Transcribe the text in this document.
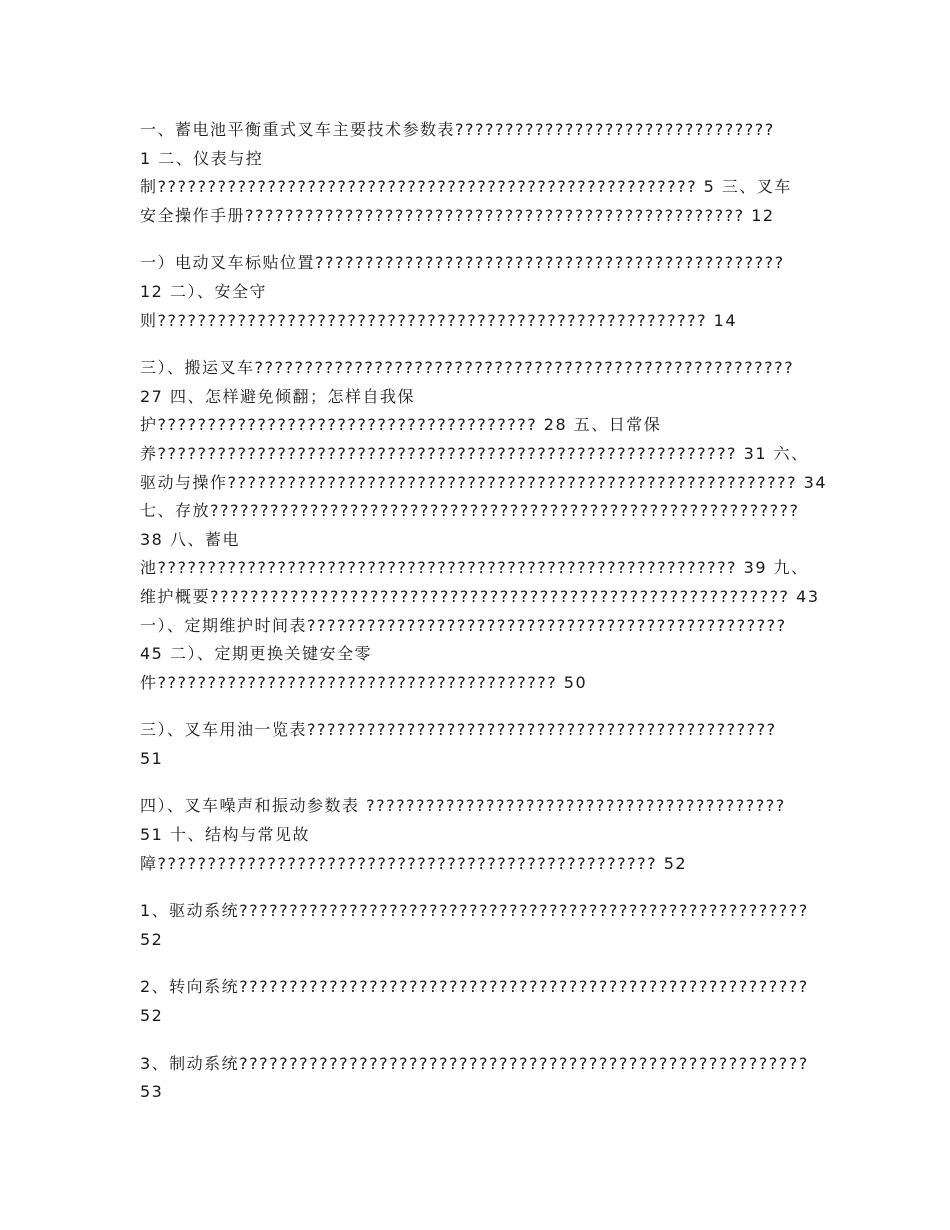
一、蓄电池平衡重式叉车主要技术参数表????????????????????????????????
1 二、仪表与控
制?????????????????????????????????????????????????????? 5 三、叉车
安全操作手册?????????????????????????????????????????????????? 12
一）电动叉车标贴位置???????????????????????????????????????????????
12 二）、安全守
则??????????????????????????????????????????????????????? 14
三）、搬运叉车??????????????????????????????????????????????????????
27 四、怎样避免倾翻；怎样自我保
护?????????????????????????????????????? 28 五、日常保
养?????????????????????????????????????????????????????????? 31 六、
驱动与操作????????????????????????????????????????????????????????? 34
七、存放???????????????????????????????????????????????????????????
38 八、蓄电
池?????????????????????????????????????????????????????????? 39 九、
维护概要?????????????????????????????????????????????????????????? 43
一）、定期维护时间表????????????????????????????????????????????????
45 二）、定期更换关键安全零
件???????????????????????????????????????? 50
三）、叉车用油一览表???????????????????????????????????????????????
51
四）、叉车噪声和振动参数表 ??????????????????????????????????????????
51 十、结构与常见故
障?????????????????????????????????????????????????? 52
1、驱动系统?????????????????????????????????????????????????????????
52
2、转向系统?????????????????????????????????????????????????????????
52
3、制动系统?????????????????????????????????????????????????????????
53
